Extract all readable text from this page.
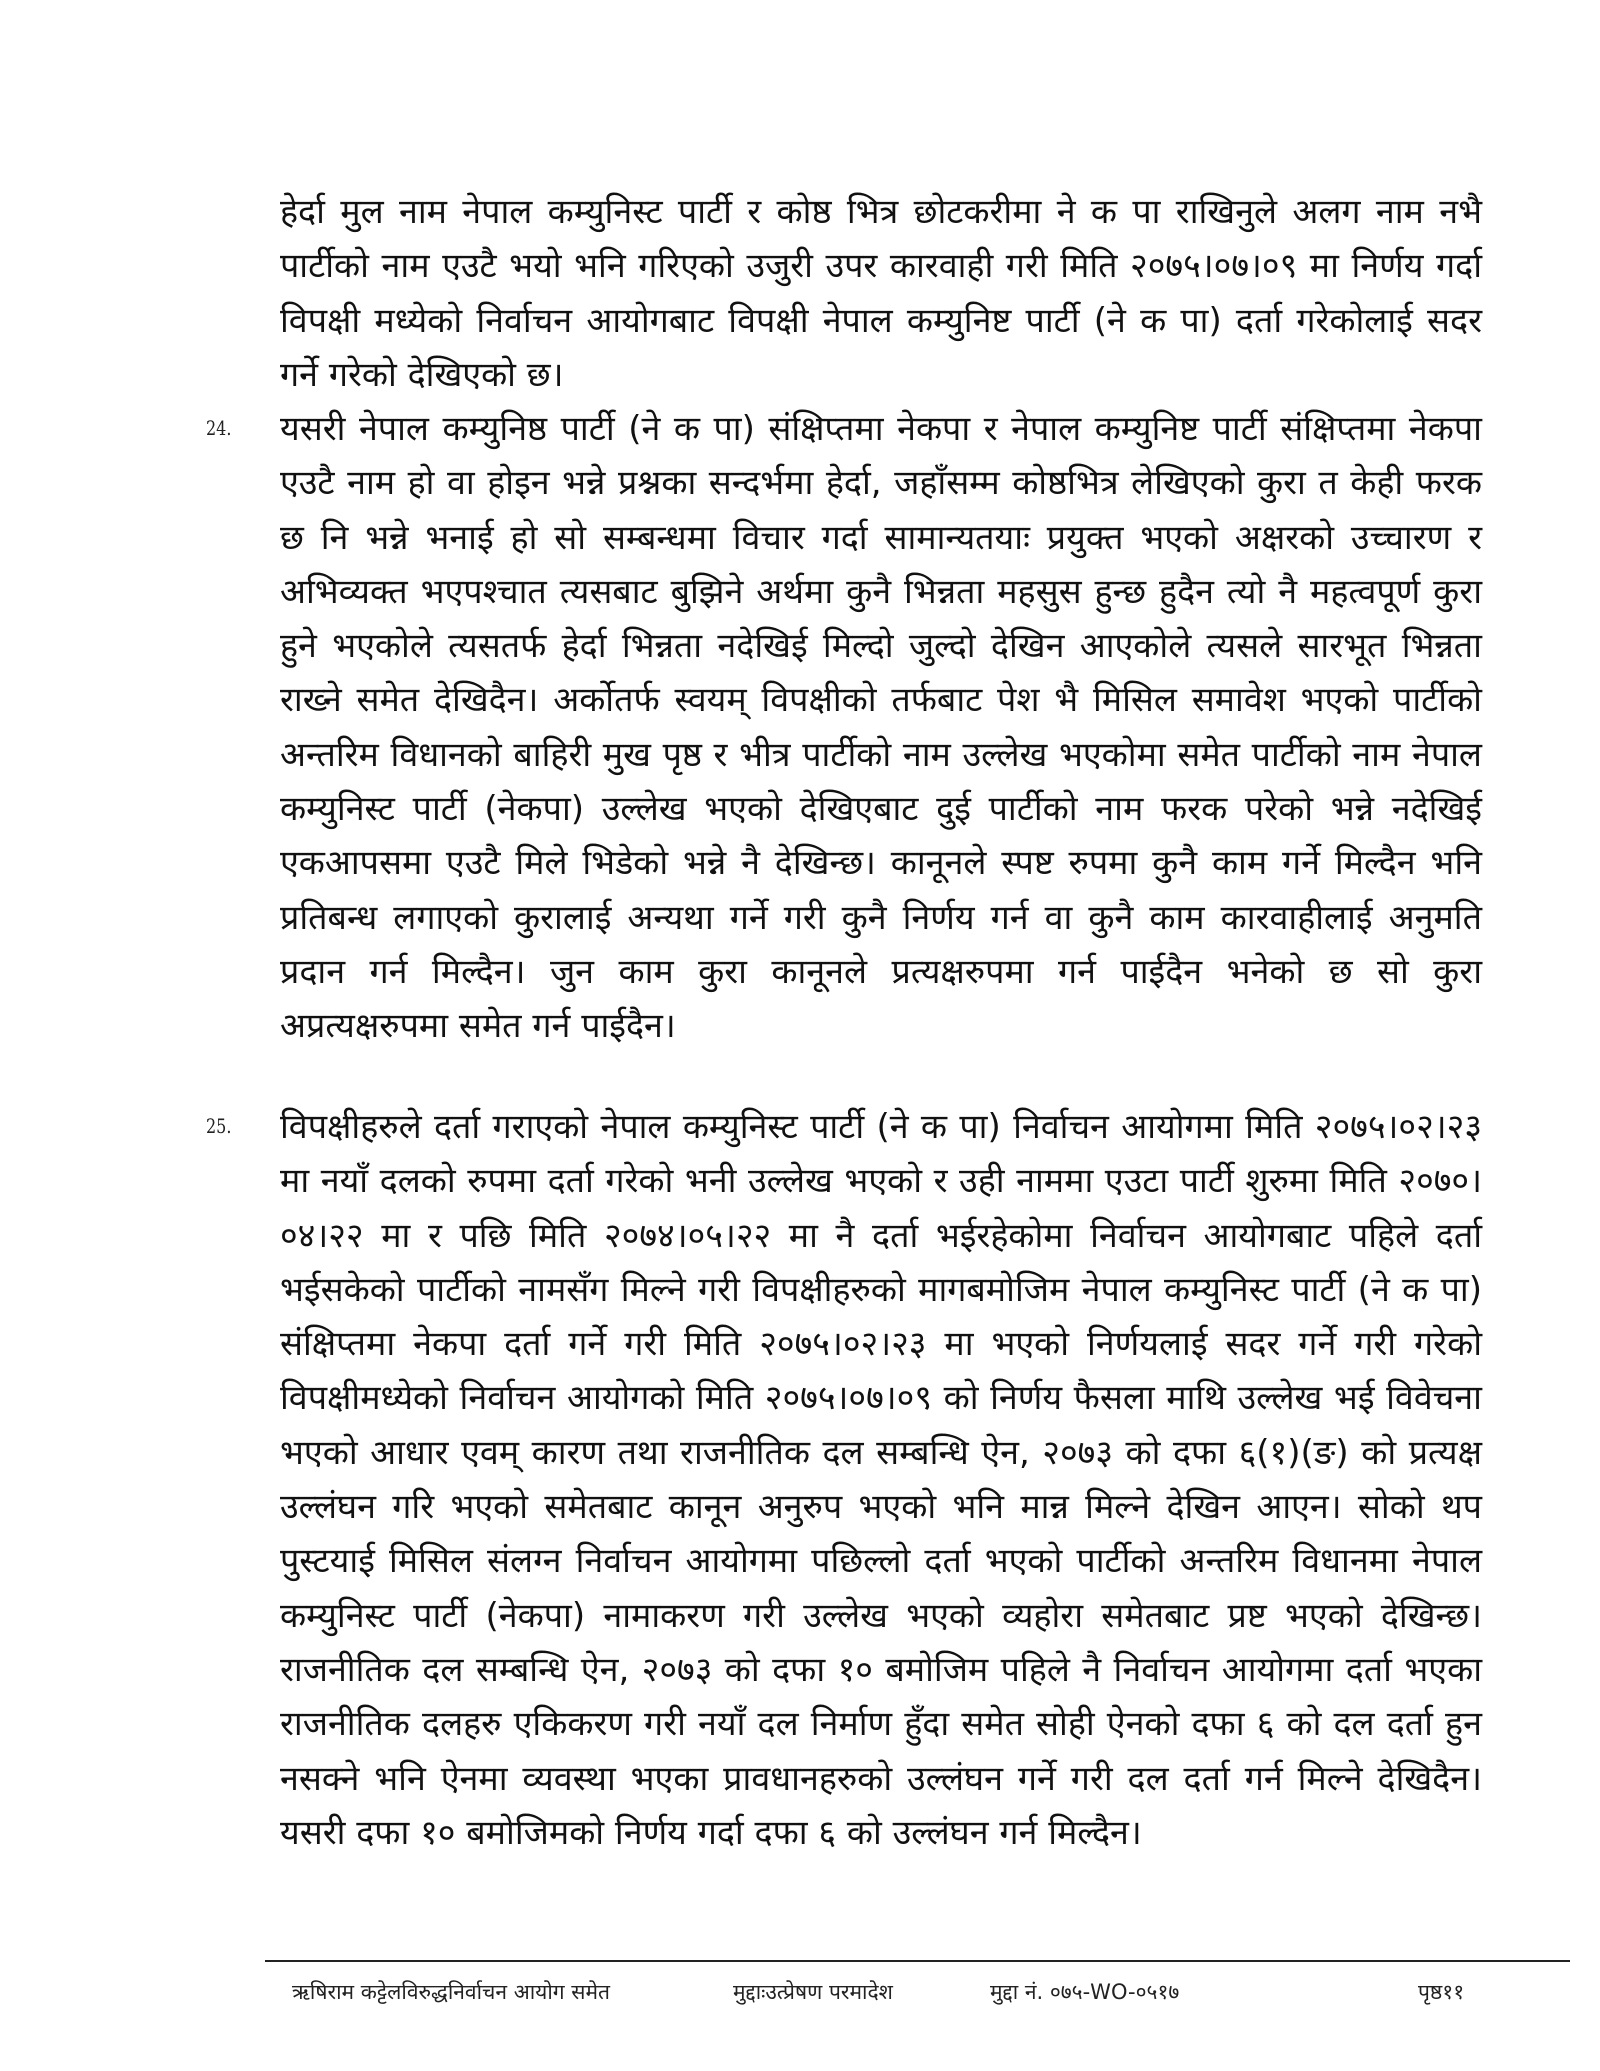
हेर्दा मुल नाम नेपाल कम्युनिस्ट पार्टी र कोष्ठ भित्र छोटकरीमा ने क पा राखिनुले अलग नाम नभै पार्टीको नाम एउटै भयो भनि गरिएको उजुरी उपर कारवाही गरी मिति २०७५।०७।०९ मा निर्णय गर्दा विपक्षी मध्येको निर्वाचन आयोगबाट विपक्षी नेपाल कम्युनिष्ट पार्टी (ने क पा) दर्ता गरेकोलाई सदर गर्ने गरेको देखिएको छ।

24. यसरी नेपाल कम्युनिष्ठ पार्टी (ने क पा) संक्षिप्तमा नेकपा र नेपाल कम्युनिष्ट पार्टी संक्षिप्तमा नेकपा एउटै नाम हो वा होइन भन्ने प्रश्नका सन्दर्भमा हेर्दा, जहाँसम्म कोष्ठभित्र लेखिएको कुरा त केही फरक छ नि भन्ने भनाई हो सो सम्बन्धमा विचार गर्दा सामान्यतयाः प्रयुक्त भएको अक्षरको उच्चारण र अभिव्यक्त भएपश्चात त्यसबाट बुझिने अर्थमा कुनै भिन्नता महसुस हुन्छ हुदैन त्यो नै महत्वपूर्ण कुरा हुने भएकोले त्यसतर्फ हेर्दा भिन्नता नदेखिई मिल्दो जुल्दो देखिन आएकोले त्यसले सारभूत भिन्नता राख्ने समेत देखिदैन। अर्कोतर्फ स्वयम् विपक्षीको तर्फबाट पेश भै मिसिल समावेश भएको पार्टीको अन्तरिम विधानको बाहिरी मुख पृष्ठ र भीत्र पार्टीको नाम उल्लेख भएकोमा समेत पार्टीको नाम नेपाल कम्युनिस्ट पार्टी (नेकपा) उल्लेख भएको देखिएबाट दुई पार्टीको नाम फरक परेको भन्ने नदेखिई एकआपसमा एउटै मिले भिडेको भन्ने नै देखिन्छ। कानूनले स्पष्ट रुपमा कुनै काम गर्ने मिल्दैन भनि प्रतिबन्ध लगाएको कुरालाई अन्यथा गर्ने गरी कुनै निर्णय गर्न वा कुनै काम कारवाहीलाई अनुमति प्रदान गर्न मिल्दैन। जुन काम कुरा कानूनले प्रत्यक्षरुपमा गर्न पाईदैन भनेको छ सो कुरा अप्रत्यक्षरुपमा समेत गर्न पाईदैन।

25. विपक्षीहरुले दर्ता गराएको नेपाल कम्युनिस्ट पार्टी (ने क पा) निर्वाचन आयोगमा मिति २०७५।०२।२३ मा नयाँ दलको रुपमा दर्ता गरेको भनी उल्लेख भएको र उही नाममा एउटा पार्टी शुरुमा मिति २०७०।०४।२२ मा र पछि मिति २०७४।०५।२२ मा नै दर्ता भईरहेकोमा निर्वाचन आयोगबाट पहिले दर्ता भईसकेको पार्टीको नामसँग मिल्ने गरी विपक्षीहरुको मागबमोजिम नेपाल कम्युनिस्ट पार्टी (ने क पा) संक्षिप्तमा नेकपा दर्ता गर्ने गरी मिति २०७५।०२।२३ मा भएको निर्णयलाई सदर गर्ने गरी गरेको विपक्षीमध्येको निर्वाचन आयोगको मिति २०७५।०७।०९ को निर्णय फैसला माथि उल्लेख भई विवेचना भएको आधार एवम् कारण तथा राजनीतिक दल सम्बन्धि ऐन, २०७३ को दफा ६(१)(ङ) को प्रत्यक्ष उल्लंघन गरि भएको समेतबाट कानून अनुरुप भएको भनि मान्न मिल्ने देखिन आएन। सोको थप पुस्टयाई मिसिल संलग्न निर्वाचन आयोगमा पछिल्लो दर्ता भएको पार्टीको अन्तरिम विधानमा नेपाल कम्युनिस्ट पार्टी (नेकपा) नामाकरण गरी उल्लेख भएको व्यहोरा समेतबाट प्रष्ट भएको देखिन्छ। राजनीतिक दल सम्बन्धि ऐन, २०७३ को दफा १० बमोजिम पहिले नै निर्वाचन आयोगमा दर्ता भएका राजनीतिक दलहरु एकिकरण गरी नयाँ दल निर्माण हुँदा समेत सोही ऐनको दफा ६ को दल दर्ता हुन नसक्ने भनि ऐनमा व्यवस्था भएका प्रावधानहरुको उल्लंघन गर्ने गरी दल दर्ता गर्न मिल्ने देखिदैन। यसरी दफा १० बमोजिमको निर्णय गर्दा दफा ६ को उल्लंघन गर्न मिल्दैन।

ऋषिराम कट्टेलविरुद्धनिर्वाचन आयोग समेत	मुद्दाःउत्प्रेषण परमादेश	मुद्दा नं. ०७५-WO-०५१७	पृष्ठ११
